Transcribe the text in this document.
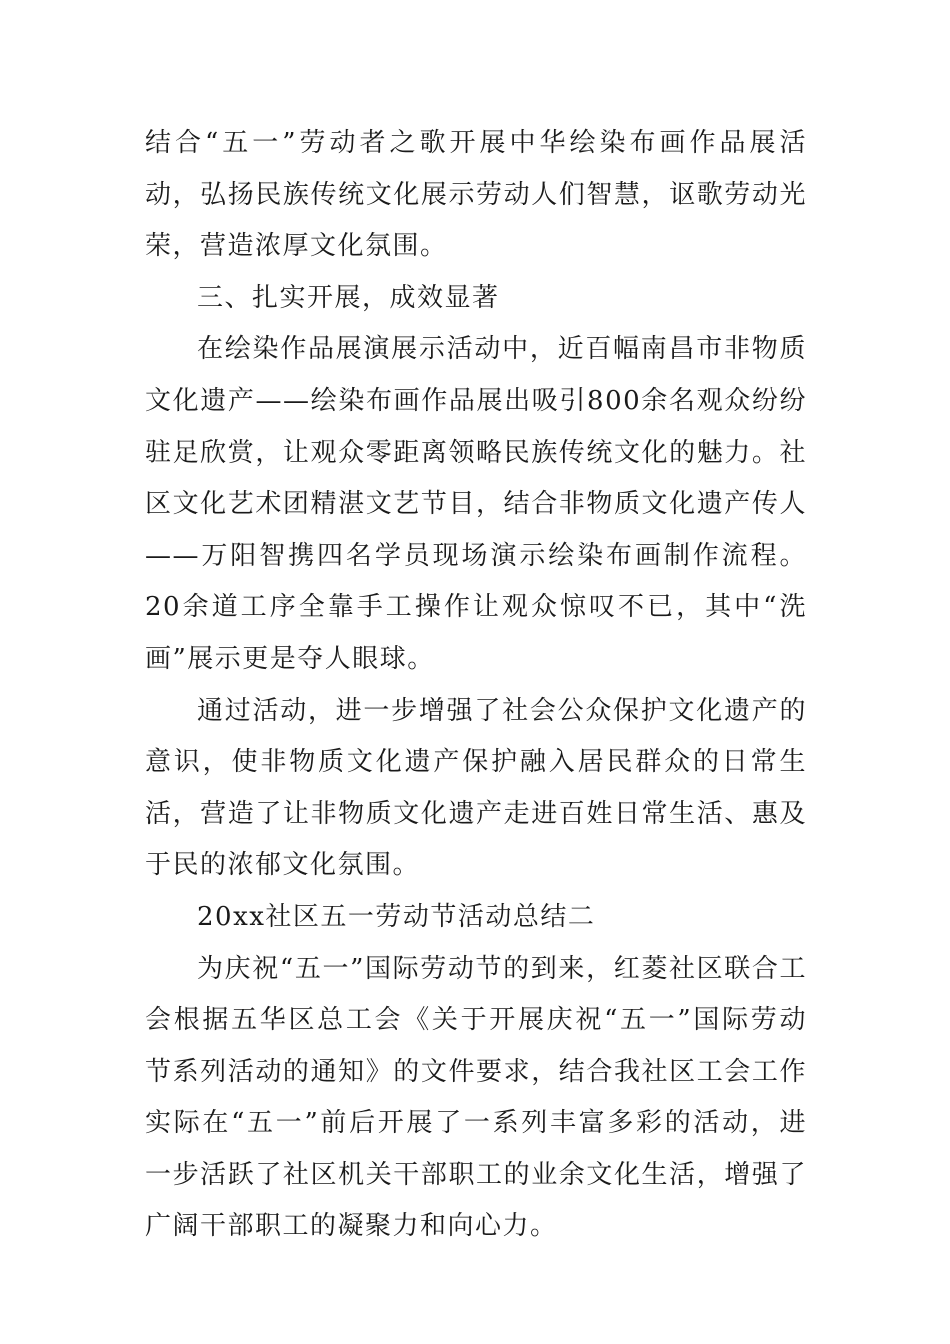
结合“五一”劳动者之歌开展中华绘染布画作品展活动，弘扬民族传统文化展示劳动人们智慧，讴歌劳动光荣，营造浓厚文化氛围。

三、扎实开展，成效显著

在绘染作品展演展示活动中，近百幅南昌市非物质文化遗产——绘染布画作品展出吸引800余名观众纷纷驻足欣赏，让观众零距离领略民族传统文化的魅力。社区文化艺术团精湛文艺节目，结合非物质文化遗产传人——万阳智携四名学员现场演示绘染布画制作流程。20余道工序全靠手工操作让观众惊叹不已，其中“洗画”展示更是夺人眼球。

通过活动，进一步增强了社会公众保护文化遗产的意识，使非物质文化遗产保护融入居民群众的日常生活，营造了让非物质文化遗产走进百姓日常生活、惠及于民的浓郁文化氛围。

20xx社区五一劳动节活动总结二

为庆祝“五一”国际劳动节的到来，红菱社区联合工会根据五华区总工会《关于开展庆祝“五一”国际劳动节系列活动的通知》的文件要求，结合我社区工会工作实际在“五一”前后开展了一系列丰富多彩的活动，进一步活跃了社区机关干部职工的业余文化生活，增强了广阔干部职工的凝聚力和向心力。
